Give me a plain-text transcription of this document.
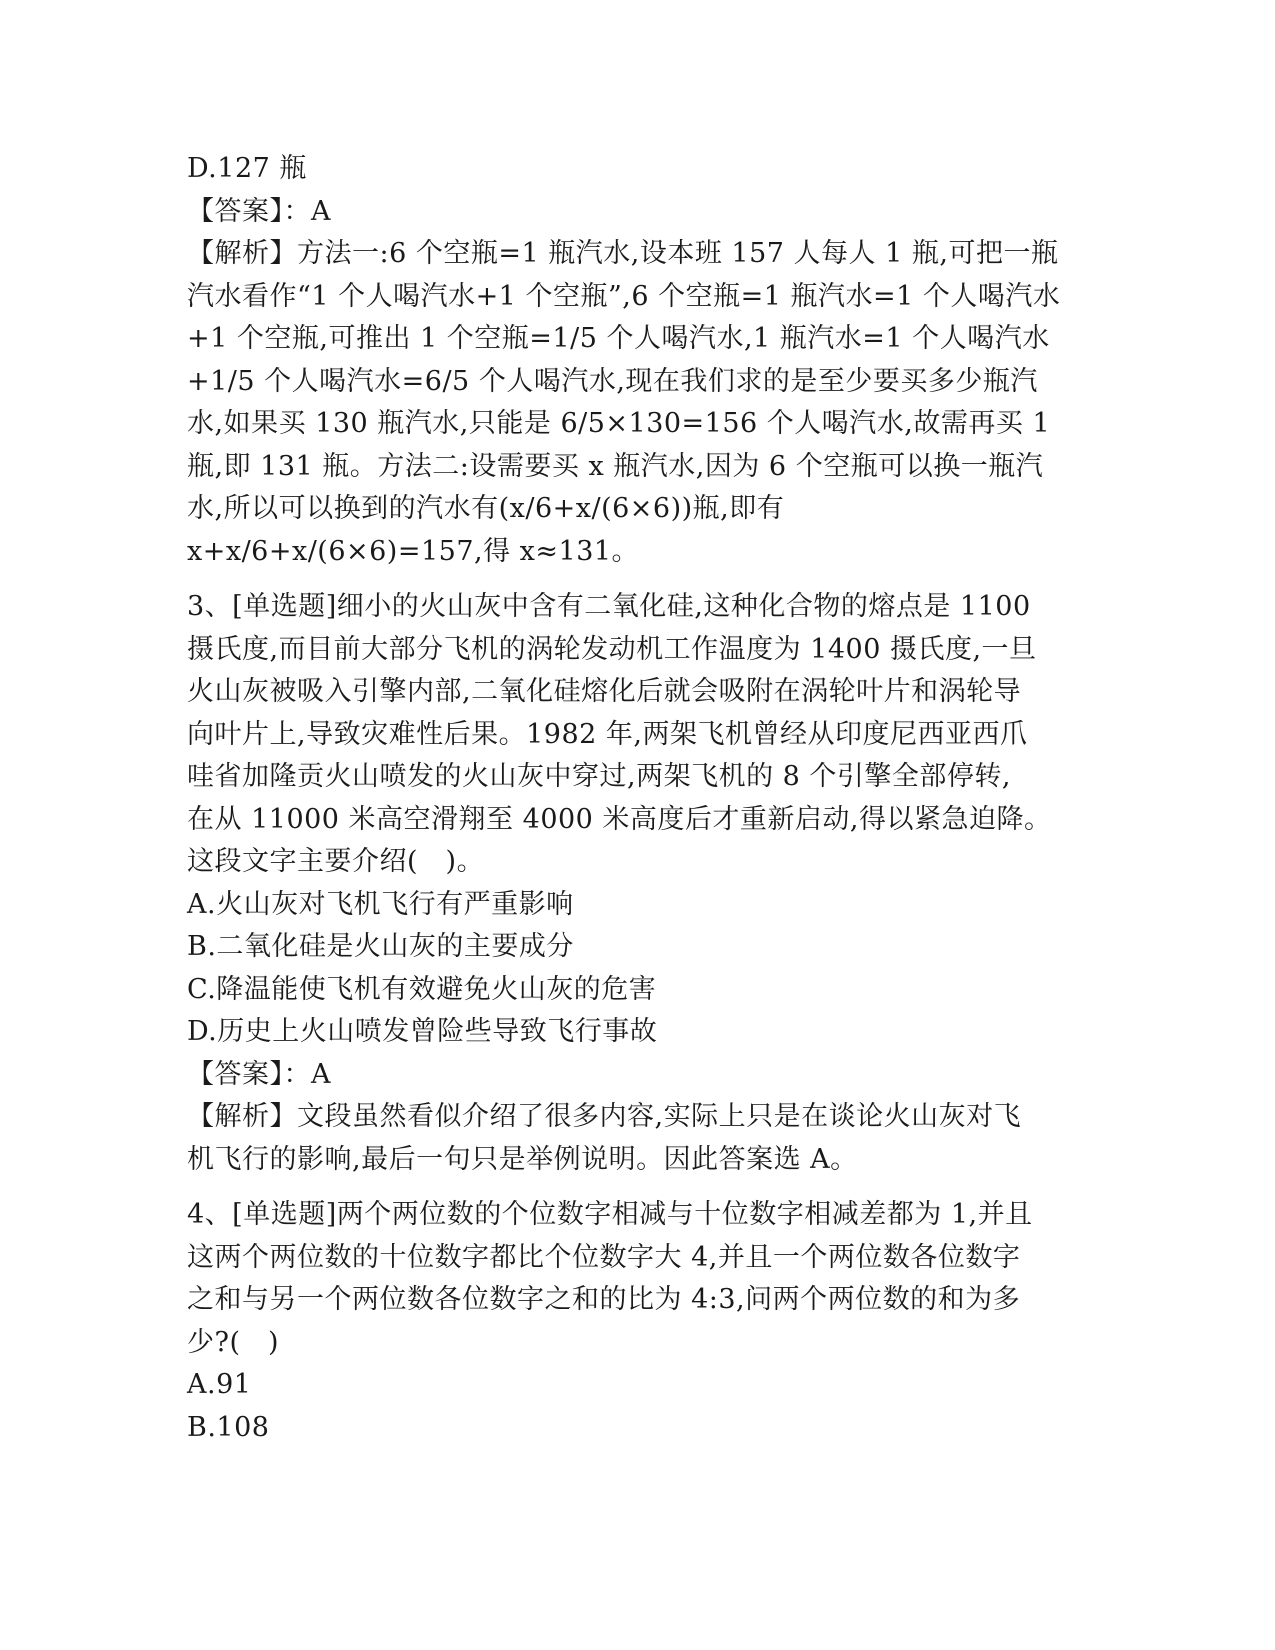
D.127 瓶
【答案】：A
【解析】方法一:6 个空瓶=1 瓶汽水,设本班 157 人每人 1 瓶,可把一瓶
汽水看作“1 个人喝汽水+1 个空瓶”,6 个空瓶=1 瓶汽水=1 个人喝汽水
+1 个空瓶,可推出 1 个空瓶=1/5 个人喝汽水,1 瓶汽水=1 个人喝汽水
+1/5 个人喝汽水=6/5 个人喝汽水,现在我们求的是至少要买多少瓶汽
水,如果买 130 瓶汽水,只能是 6/5×130=156 个人喝汽水,故需再买 1
瓶,即 131 瓶。方法二:设需要买 x 瓶汽水,因为 6 个空瓶可以换一瓶汽
水,所以可以换到的汽水有(x/6+x/(6×6))瓶,即有
x+x/6+x/(6×6)=157,得 x≈131。
3、[单选题]细小的火山灰中含有二氧化硅,这种化合物的熔点是 1100
摄氏度,而目前大部分飞机的涡轮发动机工作温度为 1400 摄氏度,一旦
火山灰被吸入引擎内部,二氧化硅熔化后就会吸附在涡轮叶片和涡轮导
向叶片上,导致灾难性后果。1982 年,两架飞机曾经从印度尼西亚西爪
哇省加隆贡火山喷发的火山灰中穿过,两架飞机的 8 个引擎全部停转,
在从 11000 米高空滑翔至 4000 米高度后才重新启动,得以紧急迫降。
这段文字主要介绍(　)。
A.火山灰对飞机飞行有严重影响
B.二氧化硅是火山灰的主要成分
C.降温能使飞机有效避免火山灰的危害
D.历史上火山喷发曾险些导致飞行事故
【答案】：A
【解析】文段虽然看似介绍了很多内容,实际上只是在谈论火山灰对飞
机飞行的影响,最后一句只是举例说明。因此答案选 A。
4、[单选题]两个两位数的个位数字相减与十位数字相减差都为 1,并且
这两个两位数的十位数字都比个位数字大 4,并且一个两位数各位数字
之和与另一个两位数各位数字之和的比为 4:3,问两个两位数的和为多
少?(　)
A.91
B.108
